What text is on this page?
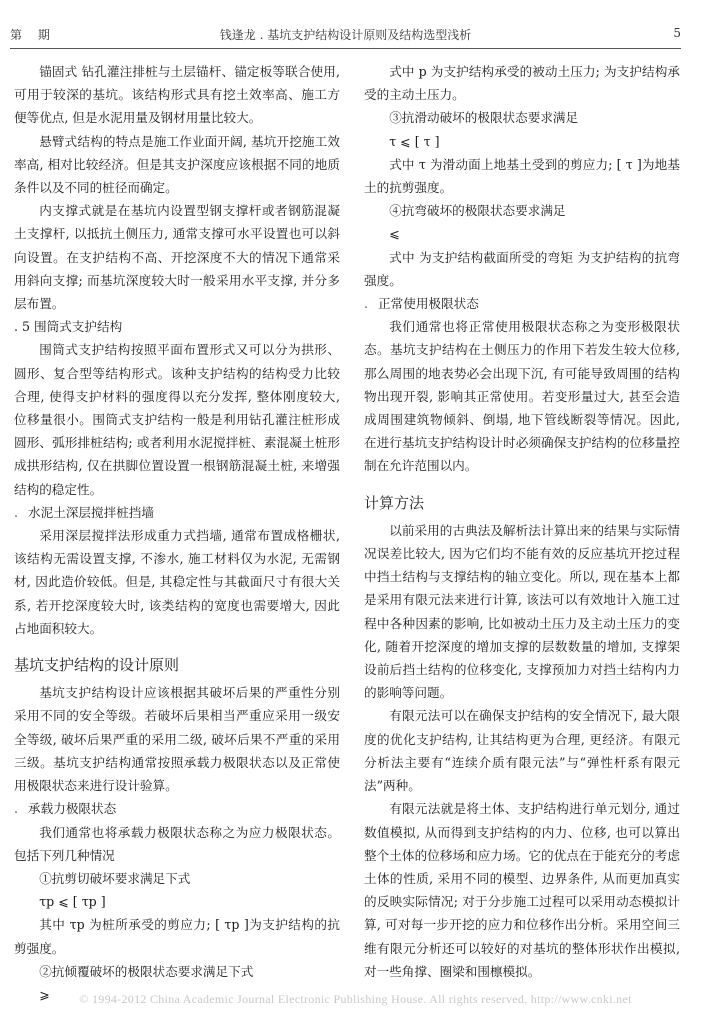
第 期	钱逢龙 . 基坑支护结构设计原则及结构选型浅析	5

锚固式 钻孔灌注排桩与土层锚杆、锚定板等联合使用, 可用于较深的基坑。该结构形式具有挖土效率高、施工方便等优点, 但是水泥用量及钢材用量比较大。

悬臂式结构的特点是施工作业面开阔, 基坑开挖施工效率高, 相对比较经济。但是其支护深度应该根据不同的地质条件以及不同的桩径而确定。

内支撑式就是在基坑内设置型钢支撑杆或者钢筋混凝土支撑杆, 以抵抗土侧压力, 通常支撑可水平设置也可以斜向设置。在支护结构不高、开挖深度不大的情况下通常采用斜向支撑; 而基坑深度较大时一般采用水平支撑, 并分多层布置。

. 5 围筒式支护结构

围筒式支护结构按照平面布置形式又可以分为拱形、圆形、复合型等结构形式。该种支护结构的结构受力比较合理, 使得支护材料的强度得以充分发挥, 整体刚度较大, 位移量很小。围筒式支护结构一般是利用钻孔灌注桩形成圆形、弧形排桩结构; 或者利用水泥搅拌桩、素混凝土桩形成拱形结构, 仅在拱脚位置设置一根钢筋混凝土桩, 来增强结构的稳定性。

. 水泥土深层搅拌桩挡墙

采用深层搅拌法形成重力式挡墙, 通常布置成格栅状, 该结构无需设置支撑, 不渗水, 施工材料仅为水泥, 无需钢材, 因此造价较低。但是, 其稳定性与其截面尺寸有很大关系, 若开挖深度较大时, 该类结构的宽度也需要增大, 因此占地面积较大。

基坑支护结构的设计原则

基坑支护结构设计应该根据其破坏后果的严重性分别采用不同的安全等级。若破坏后果相当严重应采用一级安全等级, 破坏后果严重的采用二级, 破坏后果不严重的采用三级。基坑支护结构通常按照承载力极限状态以及正常使用极限状态来进行设计验算。

. 承载力极限状态

我们通常也将承载力极限状态称之为应力极限状态。包括下列几种情况

①抗剪切破坏要求满足下式

τp ⩽ [ τp ]

其中 τp 为桩所承受的剪应力; [ τp ]为支护结构的抗剪强度。

②抗倾覆破坏的极限状态要求满足下式

⩾

式中 p 为支护结构承受的被动土压力; 为支护结构承受的主动土压力。

③抗滑动破坏的极限状态要求满足

τ ⩽ [ τ ]

式中 τ 为滑动面上地基土受到的剪应力; [ τ ]为地基土的抗剪强度。

④抗弯破坏的极限状态要求满足

⩽

式中 为支护结构截面所受的弯矩 为支护结构的抗弯强度。

. 正常使用极限状态

我们通常也将正常使用极限状态称之为变形极限状态。基坑支护结构在土侧压力的作用下若发生较大位移, 那么周围的地表势必会出现下沉, 有可能导致周围的结构物出现开裂, 影响其正常使用。若变形量过大, 甚至会造成周围建筑物倾斜、倒塌, 地下管线断裂等情况。因此, 在进行基坑支护结构设计时必须确保支护结构的位移量控制在允许范围以内。

计算方法

以前采用的古典法及解析法计算出来的结果与实际情况误差比较大, 因为它们均不能有效的反应基坑开挖过程中挡土结构与支撑结构的轴立变化。所以, 现在基本上都是采用有限元法来进行计算, 该法可以有效地计入施工过程中各种因素的影响, 比如被动土压力及主动土压力的变化, 随着开挖深度的增加支撑的层数数量的增加, 支撑架设前后挡土结构的位移变化, 支撑预加力对挡土结构内力的影响等问题。

有限元法可以在确保支护结构的安全情况下, 最大限度的优化支护结构, 让其结构更为合理, 更经济。有限元分析法主要有“连续介质有限元法”与“弹性杆系有限元法”两种。

有限元法就是将土体、支护结构进行单元划分, 通过数值模拟, 从而得到支护结构的内力、位移, 也可以算出整个土体的位移场和应力场。它的优点在于能充分的考虑土体的性质, 采用不同的模型、边界条件, 从而更加真实的反映实际情况; 对于分步施工过程可以采用动态模拟计算, 可对每一步开挖的应力和位移作出分析。采用空间三维有限元分析还可以较好的对基坑的整体形状作出模拟, 对一些角撑、圈梁和围檩模拟。

© 1994-2012 China Academic Journal Electronic Publishing House. All rights reserved. http://www.cnki.net
